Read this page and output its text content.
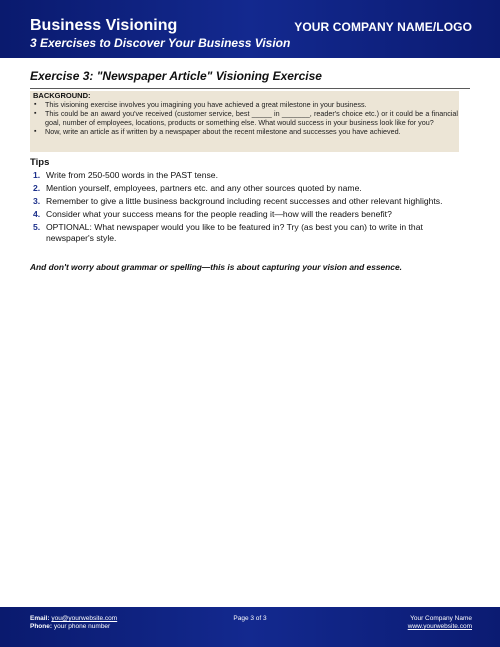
Business Visioning
3 Exercises to Discover Your Business Vision
YOUR COMPANY NAME/LOGO
Exercise 3: "Newspaper Article" Visioning Exercise
BACKGROUND:
▪ This visioning exercise involves you imagining you have achieved a great milestone in your business.
▪ This could be an award you've received (customer service, best _____ in _______, reader's choice etc.) or it could be a financial goal, number of employees, locations, products or something else. What would success in your business look like for you?
▪ Now, write an article as if written by a newspaper about the recent milestone and successes you have achieved.
Tips
1. Write from 250-500 words in the PAST tense.
2. Mention yourself, employees, partners etc. and any other sources quoted by name.
3. Remember to give a little business background including recent successes and other relevant highlights.
4. Consider what your success means for the people reading it—how will the readers benefit?
5. OPTIONAL: What newspaper would you like to be featured in? Try (as best you can) to write in that newspaper's style.
And don't worry about grammar or spelling—this is about capturing your vision and essence.
Email: you@yourwebsite.com
Phone: your phone number
Page 3 of 3	Your Company Name
www.yourwebsite.com
